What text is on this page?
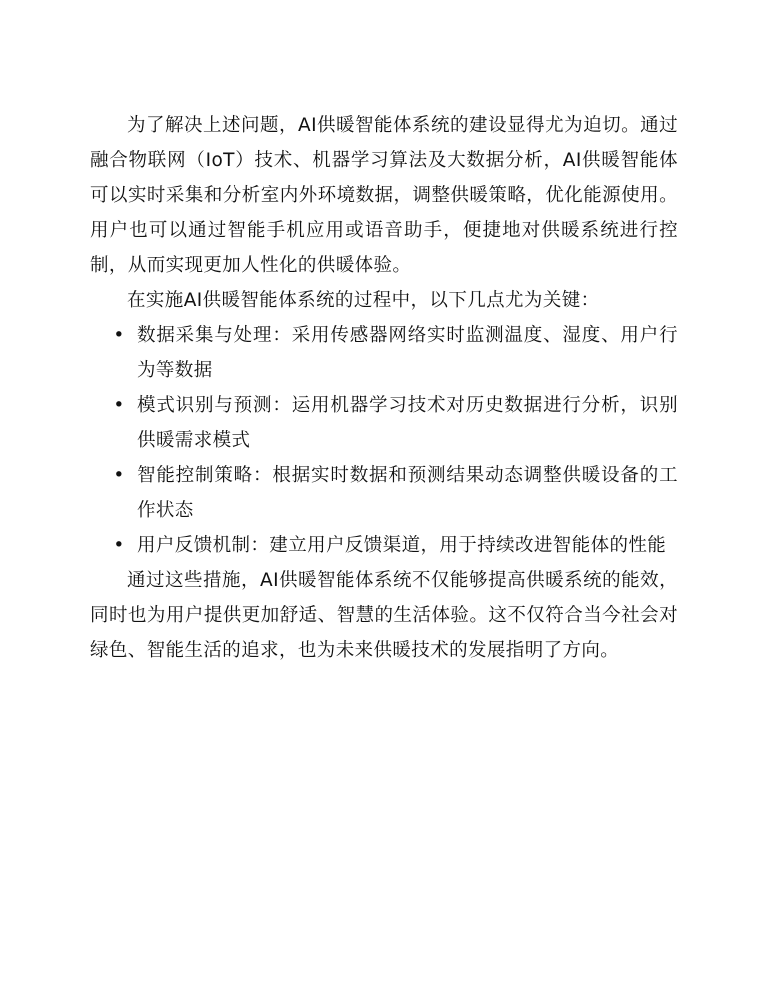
为了解决上述问题，AI供暖智能体系统的建设显得尤为迫切。通过融合物联网（IoT）技术、机器学习算法及大数据分析，AI供暖智能体可以实时采集和分析室内外环境数据，调整供暖策略，优化能源使用。用户也可以通过智能手机应用或语音助手，便捷地对供暖系统进行控制，从而实现更加人性化的供暖体验。

在实施AI供暖智能体系统的过程中，以下几点尤为关键：

• 数据采集与处理：采用传感器网络实时监测温度、湿度、用户行为等数据
• 模式识别与预测：运用机器学习技术对历史数据进行分析，识别供暖需求模式
• 智能控制策略：根据实时数据和预测结果动态调整供暖设备的工作状态
• 用户反馈机制：建立用户反馈渠道，用于持续改进智能体的性能

通过这些措施，AI供暖智能体系统不仅能够提高供暖系统的能效，同时也为用户提供更加舒适、智慧的生活体验。这不仅符合当今社会对绿色、智能生活的追求，也为未来供暖技术的发展指明了方向。
